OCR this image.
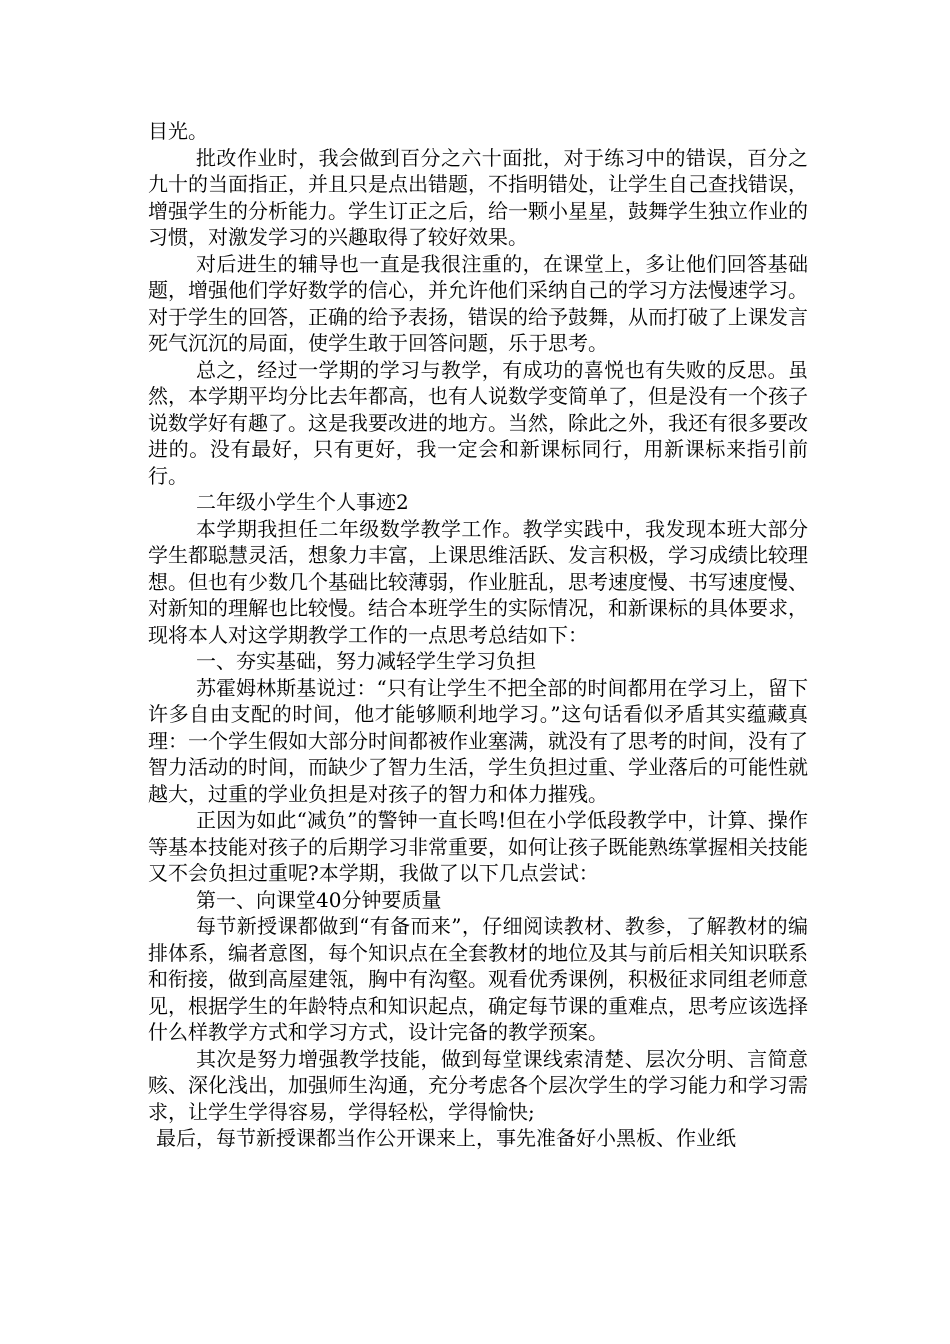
目光。

批改作业时，我会做到百分之六十面批，对于练习中的错误，百分之九十的当面指正，并且只是点出错题，不指明错处，让学生自己查找错误，增强学生的分析能力。学生订正之后，给一颗小星星，鼓舞学生独立作业的习惯，对激发学习的兴趣取得了较好效果。

对后进生的辅导也一直是我很注重的，在课堂上，多让他们回答基础题，增强他们学好数学的信心，并允许他们采纳自己的学习方法慢速学习。对于学生的回答，正确的给予表扬，错误的给予鼓舞，从而打破了上课发言死气沉沉的局面，使学生敢于回答问题，乐于思考。

总之，经过一学期的学习与教学，有成功的喜悦也有失败的反思。虽然，本学期平均分比去年都高，也有人说数学变简单了，但是没有一个孩子说数学好有趣了。这是我要改进的地方。当然，除此之外，我还有很多要改进的。没有最好，只有更好，我一定会和新课标同行，用新课标来指引前行。

二年级小学生个人事迹2

本学期我担任二年级数学教学工作。教学实践中，我发现本班大部分学生都聪慧灵活，想象力丰富，上课思维活跃、发言积极，学习成绩比较理想。但也有少数几个基础比较薄弱，作业脏乱，思考速度慢、书写速度慢、对新知的理解也比较慢。结合本班学生的实际情况，和新课标的具体要求，现将本人对这学期教学工作的一点思考总结如下：

一、夯实基础，努力减轻学生学习负担

苏霍姆林斯基说过：“只有让学生不把全部的时间都用在学习上，留下许多自由支配的时间，他才能够顺利地学习。”这句话看似矛盾其实蕴藏真理：一个学生假如大部分时间都被作业塞满，就没有了思考的时间，没有了智力活动的时间，而缺少了智力生活，学生负担过重、学业落后的可能性就越大，过重的学业负担是对孩子的智力和体力摧残。

正因为如此“减负”的警钟一直长鸣!但在小学低段教学中，计算、操作等基本技能对孩子的后期学习非常重要，如何让孩子既能熟练掌握相关技能又不会负担过重呢?本学期，我做了以下几点尝试：

第一、向课堂40分钟要质量

每节新授课都做到“有备而来”，仔细阅读教材、教参，了解教材的编排体系，编者意图，每个知识点在全套教材的地位及其与前后相关知识联系和衔接，做到高屋建瓴，胸中有沟壑。观看优秀课例，积极征求同组老师意见，根据学生的年龄特点和知识起点，确定每节课的重难点，思考应该选择什么样教学方式和学习方式，设计完备的教学预案。

其次是努力增强教学技能，做到每堂课线索清楚、层次分明、言简意赅、深化浅出，加强师生沟通，充分考虑各个层次学生的学习能力和学习需求，让学生学得容易，学得轻松，学得愉快;

最后，每节新授课都当作公开课来上，事先准备好小黑板、作业纸
